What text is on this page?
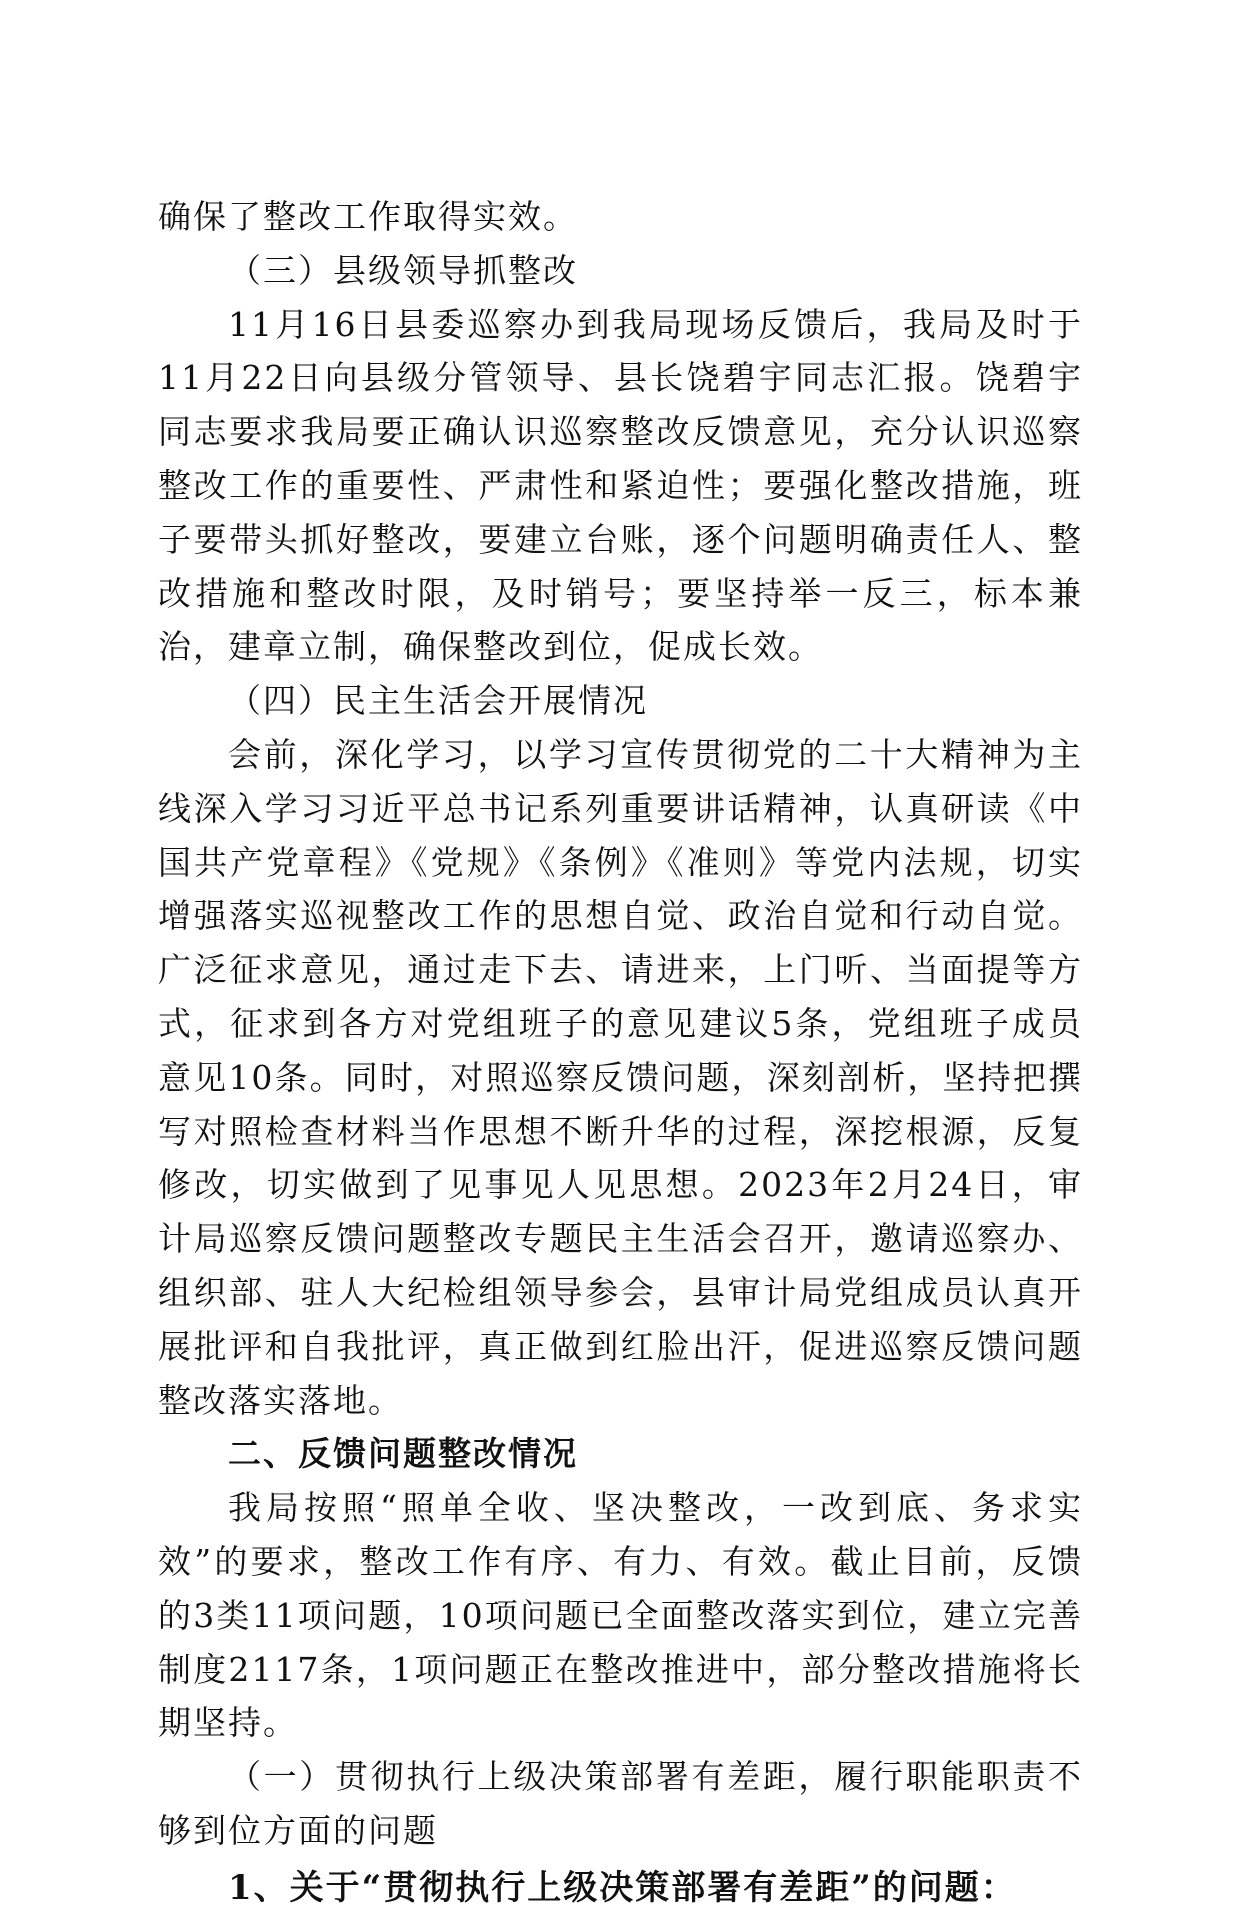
确保了整改工作取得实效。

（三）县级领导抓整改

11月16日县委巡察办到我局现场反馈后，我局及时于11月22日向县级分管领导、县长饶碧宇同志汇报。饶碧宇同志要求我局要正确认识巡察整改反馈意见，充分认识巡察整改工作的重要性、严肃性和紧迫性；要强化整改措施，班子要带头抓好整改，要建立台账，逐个问题明确责任人、整改措施和整改时限，及时销号；要坚持举一反三，标本兼治，建章立制，确保整改到位，促成长效。

（四）民主生活会开展情况

会前，深化学习，以学习宣传贯彻党的二十大精神为主线深入学习习近平总书记系列重要讲话精神，认真研读《中国共产党章程》《党规》《条例》《准则》等党内法规，切实增强落实巡视整改工作的思想自觉、政治自觉和行动自觉。广泛征求意见，通过走下去、请进来，上门听、当面提等方式，征求到各方对党组班子的意见建议5条，党组班子成员意见10条。同时，对照巡察反馈问题，深刻剖析，坚持把撰写对照检查材料当作思想不断升华的过程，深挖根源，反复修改，切实做到了见事见人见思想。2023年2月24日，审计局巡察反馈问题整改专题民主生活会召开，邀请巡察办、组织部、驻人大纪检组领导参会，县审计局党组成员认真开展批评和自我批评，真正做到红脸出汗，促进巡察反馈问题整改落实落地。

二、反馈问题整改情况

我局按照“照单全收、坚决整改，一改到底、务求实效”的要求，整改工作有序、有力、有效。截止目前，反馈的3类11项问题，10项问题已全面整改落实到位，建立完善制度2117条，1项问题正在整改推进中，部分整改措施将长期坚持。

（一）贯彻执行上级决策部署有差距，履行职能职责不够到位方面的问题

1、关于“贯彻执行上级决策部署有差距”的问题：
